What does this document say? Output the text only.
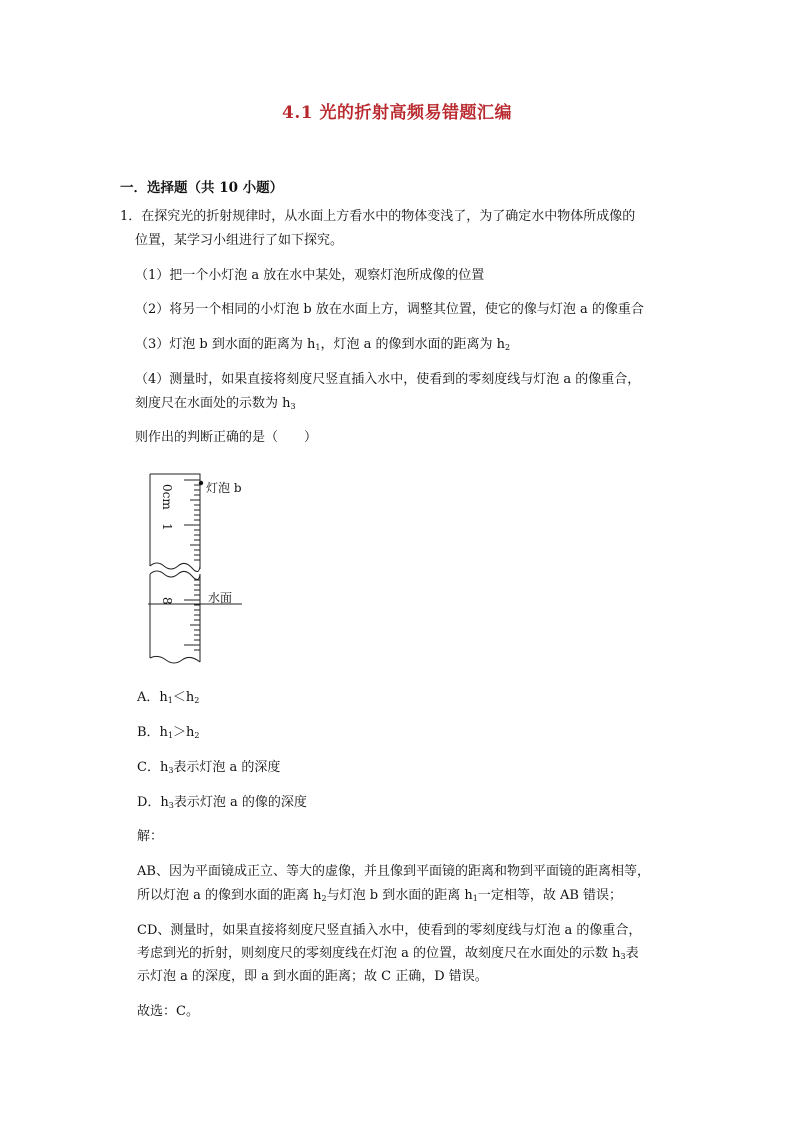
4.1 光的折射高频易错题汇编
一．选择题（共 10 小题）
1．在探究光的折射规律时，从水面上方看水中的物体变浅了，为了确定水中物体所成像的
位置，某学习小组进行了如下探究。
（1）把一个小灯泡 a 放在水中某处，观察灯泡所成像的位置
（2）将另一个相同的小灯泡 b 放在水面上方，调整其位置，使它的像与灯泡 a 的像重合
（3）灯泡 b 到水面的距离为 $h_1$，灯泡 a 的像到水面的距离为 $h_2$
（4）测量时，如果直接将刻度尺竖直插入水中，使看到的零刻度线与灯泡 a 的像重合，
刻度尺在水面处的示数为 $h_3$
则作出的判断正确的是（　　）
0cm
1
8
灯泡 b
水面
A．$h_1<h_2$
B．$h_1>h_2$
C．$h_3$表示灯泡 a 的深度
D．$h_3$表示灯泡 a 的像的深度
解：
AB、因为平面镜成正立、等大的虚像，并且像到平面镜的距离和物到平面镜的距离相等，
所以灯泡 a 的像到水面的距离 $h_2$与灯泡 b 到水面的距离 $h_1$一定相等，故 AB 错误；
CD、测量时，如果直接将刻度尺竖直插入水中，使看到的零刻度线与灯泡 a 的像重合，
考虑到光的折射，则刻度尺的零刻度线在灯泡 a 的位置，故刻度尺在水面处的示数 $h_3$表
示灯泡 a 的深度，即 a 到水面的距离；故 C 正确，D 错误。
故选：C。
